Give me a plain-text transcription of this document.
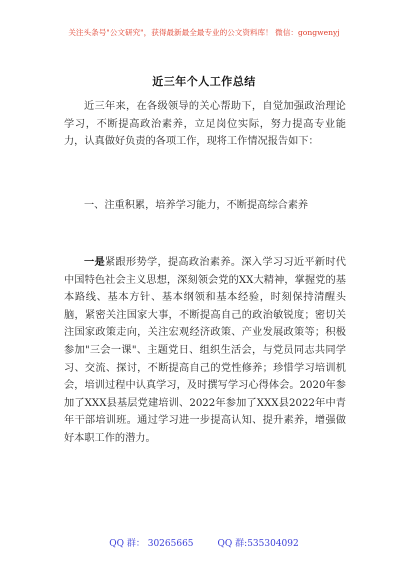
关注头条号"公文研究"，获得最新最全最专业的公文资料库！ 微信：gongwenyj
近三年个人工作总结

近三年来，在各级领导的关心帮助下，自觉加强政治理论学习，不断提高政治素养，立足岗位实际，努力提高专业能力，认真做好负责的各项工作，现将工作情况报告如下：

一、注重积累，培养学习能力，不断提高综合素养

一是紧跟形势学，提高政治素养。深入学习习近平新时代中国特色社会主义思想，深刻领会党的XX大精神，掌握党的基本路线、基本方针、基本纲领和基本经验，时刻保持清醒头脑，紧密关注国家大事，不断提高自己的政治敏锐度；密切关注国家政策走向，关注宏观经济政策、产业发展政策等；积极参加"三会一课"、主题党日、组织生活会，与党员同志共同学习、交流、探讨，不断提高自己的党性修养；珍惜学习培训机会，培训过程中认真学习，及时撰写学习心得体会。2020年参加了XXX县基层党建培训、2022年参加了XXX县2022年中青年干部培训班。通过学习进一步提高认知、提升素养，增强做好本职工作的潜力。

QQ 群： 30265665	QQ 群:535304092
